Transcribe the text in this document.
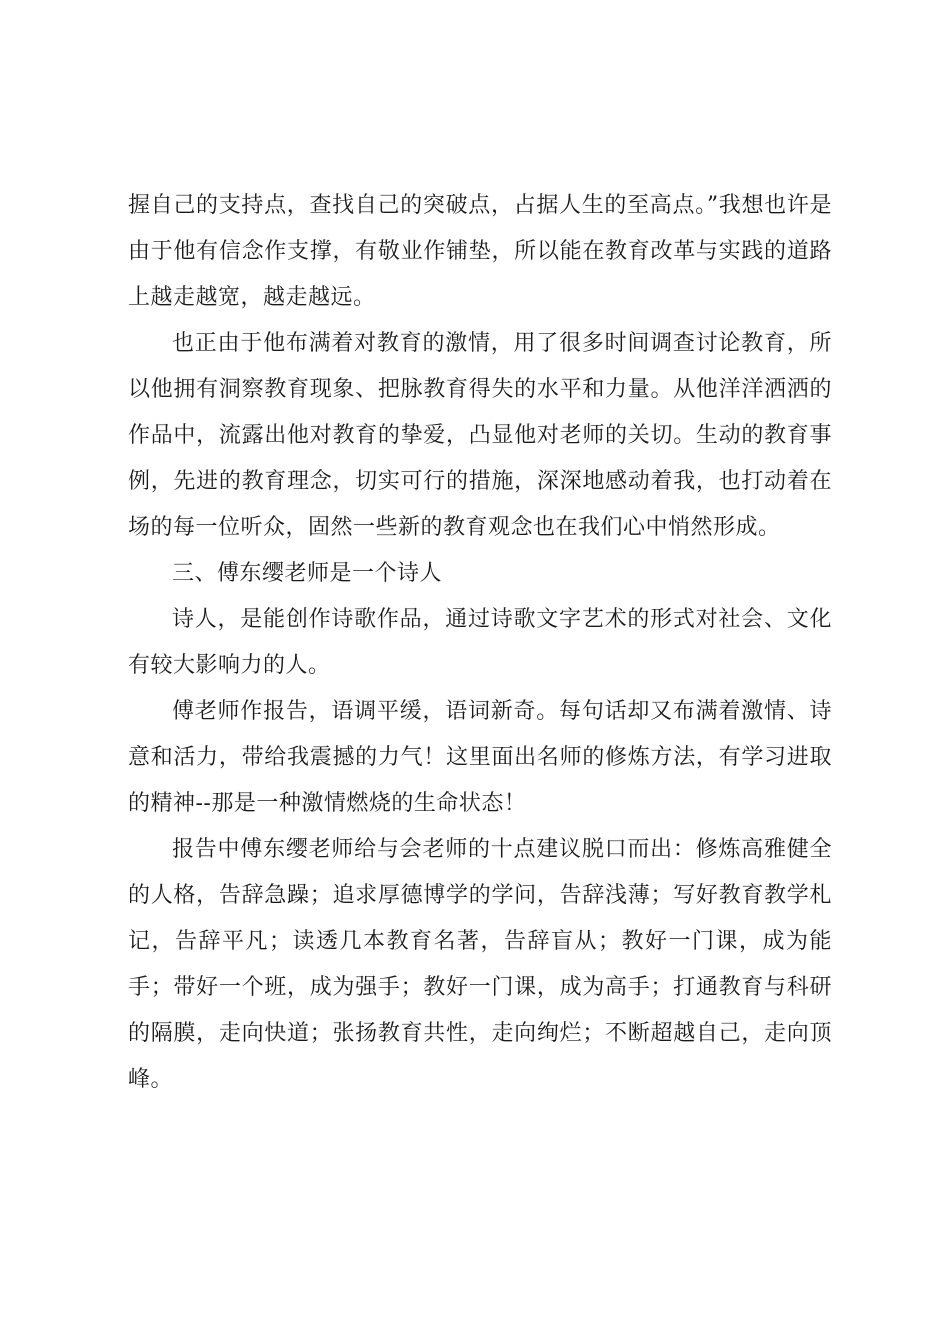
握自己的支持点，查找自己的突破点，占据人生的至高点。”我想也许是由于他有信念作支撑，有敬业作铺垫，所以能在教育改革与实践的道路上越走越宽，越走越远。

也正由于他布满着对教育的激情，用了很多时间调查讨论教育，所以他拥有洞察教育现象、把脉教育得失的水平和力量。从他洋洋洒洒的作品中，流露出他对教育的挚爱，凸显他对老师的关切。生动的教育事例，先进的教育理念，切实可行的措施，深深地感动着我，也打动着在场的每一位听众，固然一些新的教育观念也在我们心中悄然形成。

三、傅东缨老师是一个诗人

诗人，是能创作诗歌作品，通过诗歌文字艺术的形式对社会、文化有较大影响力的人。

傅老师作报告，语调平缓，语词新奇。每句话却又布满着激情、诗意和活力，带给我震撼的力气！这里面出名师的修炼方法，有学习进取的精神--那是一种激情燃烧的生命状态！

报告中傅东缨老师给与会老师的十点建议脱口而出：修炼高雅健全的人格，告辞急躁；追求厚德博学的学问，告辞浅薄；写好教育教学札记，告辞平凡；读透几本教育名著，告辞盲从；教好一门课，成为能手；带好一个班，成为强手；教好一门课，成为高手；打通教育与科研的隔膜，走向快道；张扬教育共性，走向绚烂；不断超越自己，走向顶峰。
